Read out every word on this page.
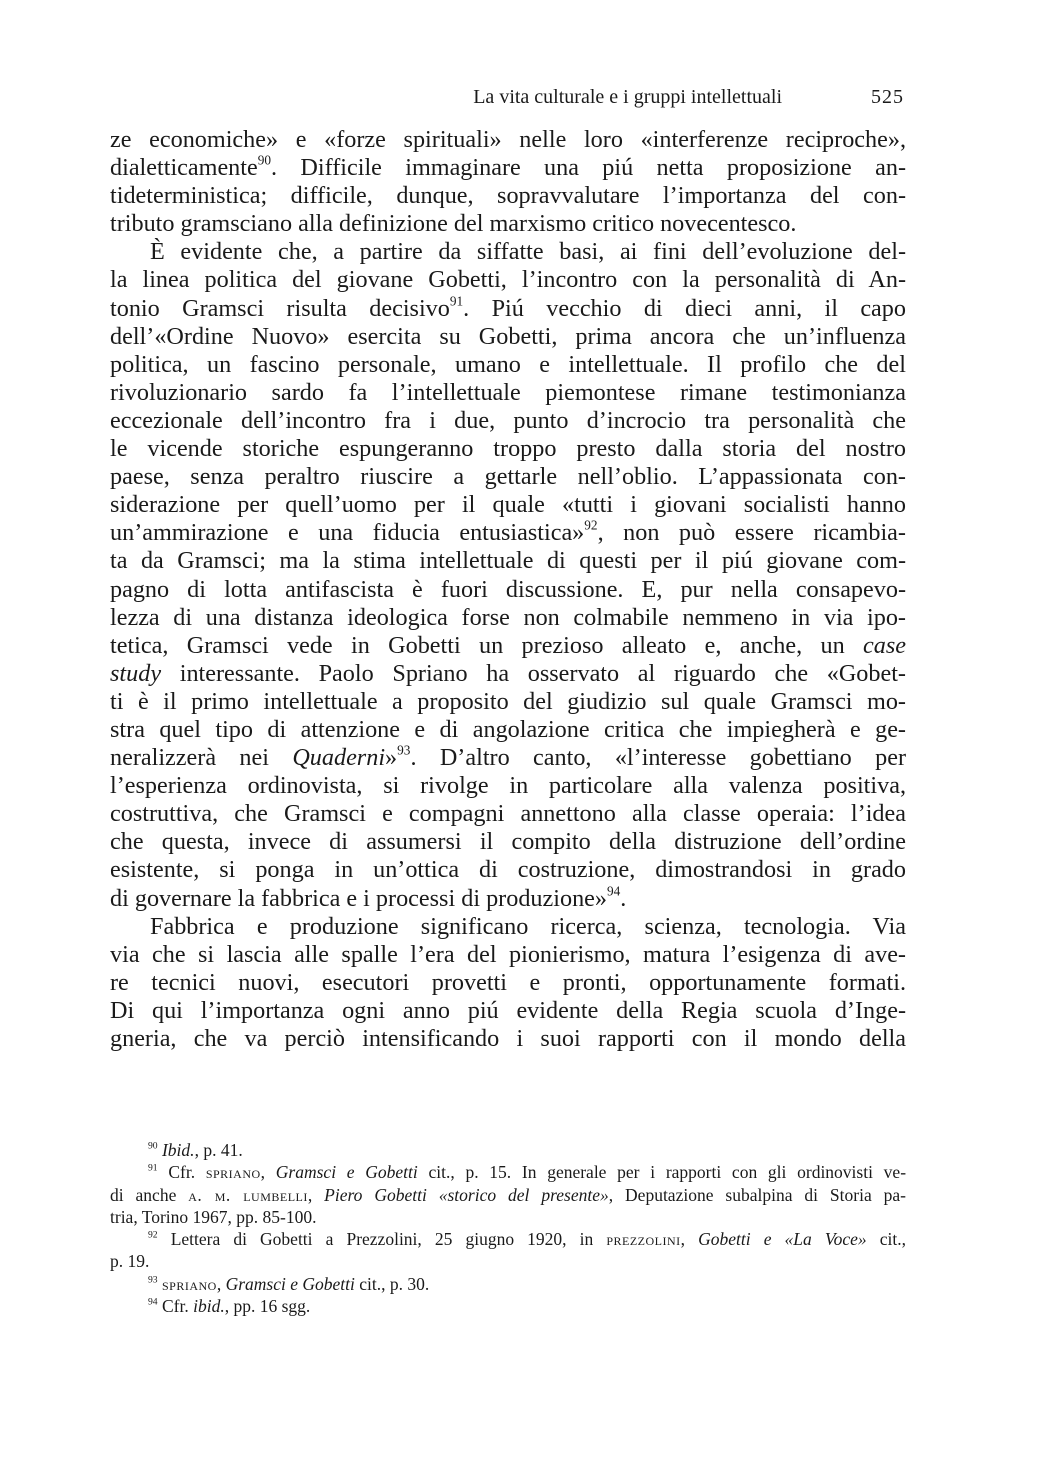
La vita culturale e i gruppi intellettuali	525
ze economiche» e «forze spirituali» nelle loro «interferenze reciproche»,
dialetticamente$^{90}$. Difficile immaginare una piú netta proposizione an-
tideterministica; difficile, dunque, sopravvalutare l’importanza del con-
tributo gramsciano alla definizione del marxismo critico novecentesco.
È evidente che, a partire da siffatte basi, ai fini dell’evoluzione del-
la linea politica del giovane Gobetti, l’incontro con la personalità di An-
tonio Gramsci risulta decisivo$^{91}$. Piú vecchio di dieci anni, il capo
dell’«Ordine Nuovo» esercita su Gobetti, prima ancora che un’influenza
politica, un fascino personale, umano e intellettuale. Il profilo che del
rivoluzionario sardo fa l’intellettuale piemontese rimane testimonianza
eccezionale dell’incontro fra i due, punto d’incrocio tra personalità che
le vicende storiche espungeranno troppo presto dalla storia del nostro
paese, senza peraltro riuscire a gettarle nell’oblio. L’appassionata con-
siderazione per quell’uomo per il quale «tutti i giovani socialisti hanno
un’ammirazione e una fiducia entusiastica»$^{92}$, non può essere ricambia-
ta da Gramsci; ma la stima intellettuale di questi per il piú giovane com-
pagno di lotta antifascista è fuori discussione. E, pur nella consapevo-
lezza di una distanza ideologica forse non colmabile nemmeno in via ipo-
tetica, Gramsci vede in Gobetti un prezioso alleato e, anche, un case
study interessante. Paolo Spriano ha osservato al riguardo che «Gobet-
ti è il primo intellettuale a proposito del giudizio sul quale Gramsci mo-
stra quel tipo di attenzione e di angolazione critica che impiegherà e ge-
neralizzerà nei Quaderni»$^{93}$. D’altro canto, «l’interesse gobettiano per
l’esperienza ordinovista, si rivolge in particolare alla valenza positiva,
costruttiva, che Gramsci e compagni annettono alla classe operaia: l’idea
che questa, invece di assumersi il compito della distruzione dell’ordine
esistente, si ponga in un’ottica di costruzione, dimostrandosi in grado
di governare la fabbrica e i processi di produzione»$^{94}$.
Fabbrica e produzione significano ricerca, scienza, tecnologia. Via
via che si lascia alle spalle l’era del pionierismo, matura l’esigenza di ave-
re tecnici nuovi, esecutori provetti e pronti, opportunamente formati.
Di qui l’importanza ogni anno piú evidente della Regia scuola d’Inge-
gneria, che va perciò intensificando i suoi rapporti con il mondo della
$^{90}$ Ibid., p. 41.
$^{91}$ Cfr. spriano, Gramsci e Gobetti cit., p. 15. In generale per i rapporti con gli ordinovisti ve-
di anche a. m. lumbelli, Piero Gobetti «storico del presente», Deputazione subalpina di Storia pa-
tria, Torino 1967, pp. 85-100.
$^{92}$ Lettera di Gobetti a Prezzolini, 25 giugno 1920, in prezzolini, Gobetti e «La Voce» cit.,
p. 19.
$^{93}$ spriano, Gramsci e Gobetti cit., p. 30.
$^{94}$ Cfr. ibid., pp. 16 sgg.
